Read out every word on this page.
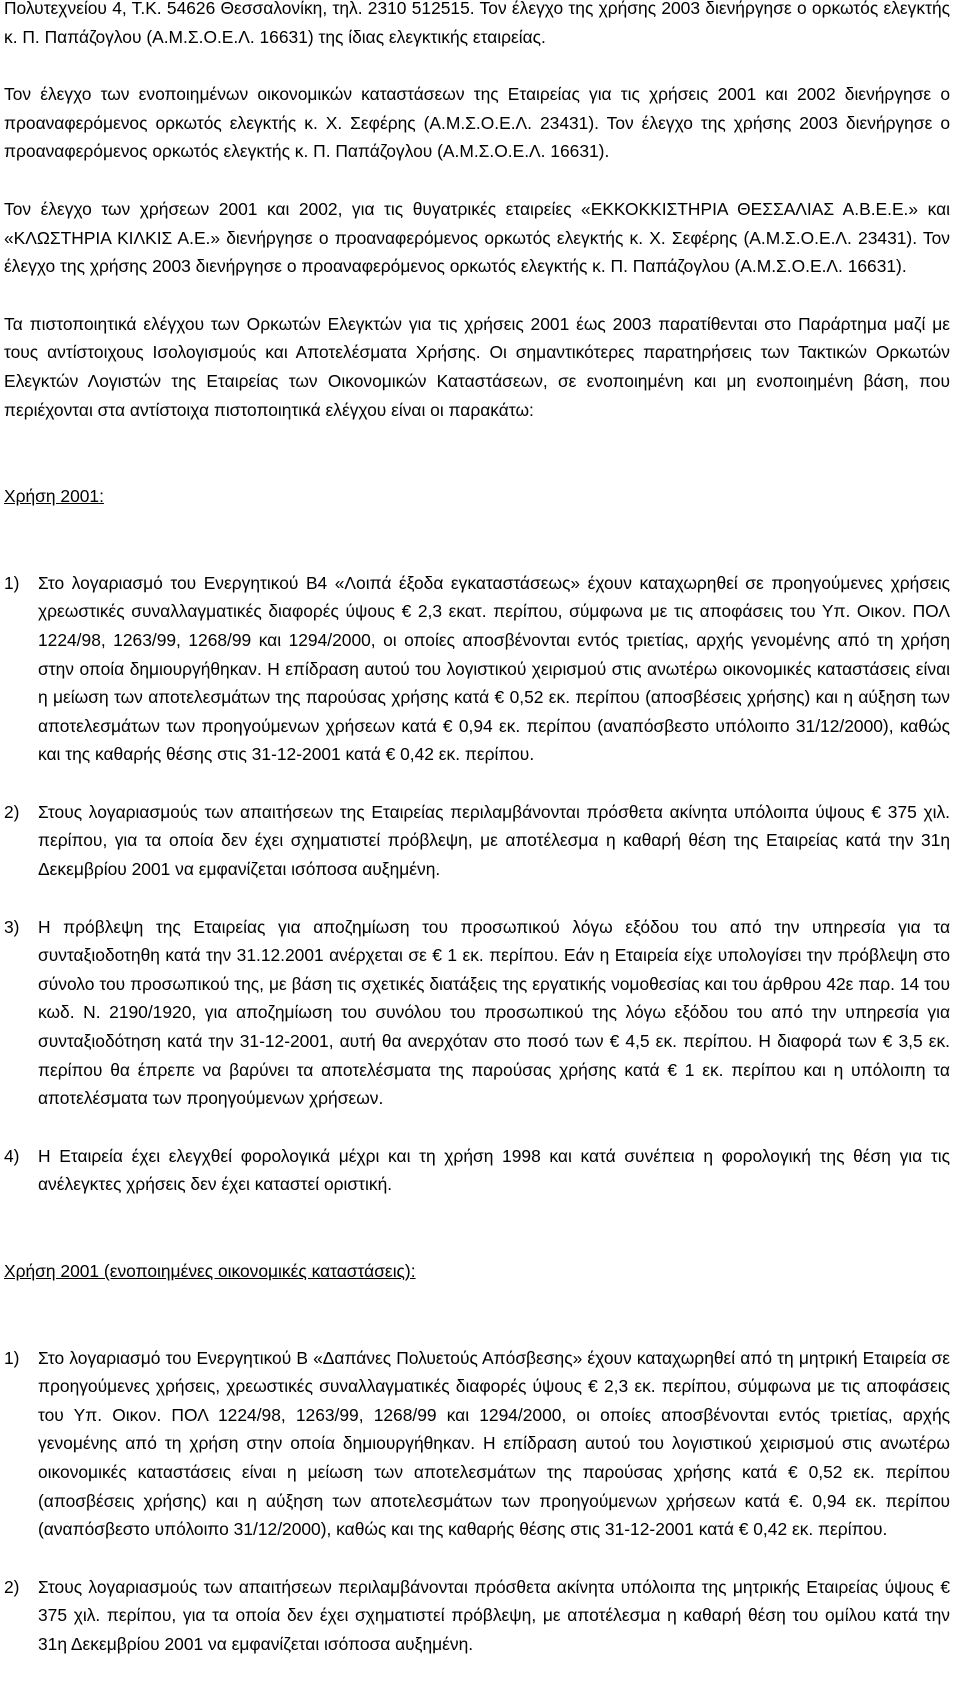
Πολυτεχνείου 4, Τ.Κ. 54626 Θεσσαλονίκη, τηλ. 2310 512515. Τον έλεγχο της χρήσης 2003 διενήργησε ο ορκωτός ελεγκτής κ. Π. Παπάζογλου (Α.Μ.Σ.Ο.Ε.Λ. 16631) της ίδιας ελεγκτικής εταιρείας.

Τον έλεγχο των ενοποιημένων οικονομικών καταστάσεων της Εταιρείας για τις χρήσεις 2001 και 2002 διενήργησε ο προαναφερόμενος ορκωτός ελεγκτής κ. Χ. Σεφέρης (Α.Μ.Σ.Ο.Ε.Λ. 23431). Τον έλεγχο της χρήσης 2003 διενήργησε ο προαναφερόμενος ορκωτός ελεγκτής κ. Π. Παπάζογλου (Α.Μ.Σ.Ο.Ε.Λ. 16631).

Τον έλεγχο των χρήσεων 2001 και 2002, για τις θυγατρικές εταιρείες «ΕΚΚΟΚΚΙΣΤΗΡΙΑ ΘΕΣΣΑΛΙΑΣ Α.Β.Ε.Ε.» και «ΚΛΩΣΤΗΡΙΑ ΚΙΛΚΙΣ Α.Ε.» διενήργησε ο προαναφερόμενος ορκωτός ελεγκτής κ. Χ. Σεφέρης (Α.Μ.Σ.Ο.Ε.Λ. 23431). Τον έλεγχο της χρήσης 2003 διενήργησε ο προαναφερόμενος ορκωτός ελεγκτής κ. Π. Παπάζογλου (Α.Μ.Σ.Ο.Ε.Λ. 16631).

Τα πιστοποιητικά ελέγχου των Ορκωτών Ελεγκτών για τις χρήσεις 2001 έως 2003 παρατίθενται στο Παράρτημα μαζί με τους αντίστοιχους Ισολογισμούς και Αποτελέσματα Χρήσης. Οι σημαντικότερες παρατηρήσεις των Τακτικών Ορκωτών Ελεγκτών Λογιστών της Εταιρείας των Οικονομικών Καταστάσεων, σε ενοποιημένη και μη ενοποιημένη βάση, που περιέχονται στα αντίστοιχα πιστοποιητικά ελέγχου είναι οι παρακάτω:

Χρήση 2001:
1) Στο λογαριασμό του Ενεργητικού Β4 «Λοιπά έξοδα εγκαταστάσεως» έχουν καταχωρηθεί σε προηγούμενες χρήσεις χρεωστικές συναλλαγματικές διαφορές ύψους € 2,3 εκατ. περίπου, σύμφωνα με τις αποφάσεις του Υπ. Οικον. ΠΟΛ 1224/98, 1263/99, 1268/99 και 1294/2000, οι οποίες αποσβένονται εντός τριετίας, αρχής γενομένης από τη χρήση στην οποία δημιουργήθηκαν. Η επίδραση αυτού του λογιστικού χειρισμού στις ανωτέρω οικονομικές καταστάσεις είναι η μείωση των αποτελεσμάτων της παρούσας χρήσης κατά € 0,52 εκ. περίπου (αποσβέσεις χρήσης) και η αύξηση των αποτελεσμάτων των προηγούμενων χρήσεων κατά € 0,94 εκ. περίπου (αναπόσβεστο υπόλοιπο 31/12/2000), καθώς και της καθαρής θέσης στις 31-12-2001 κατά € 0,42 εκ. περίπου.
2) Στους λογαριασμούς των απαιτήσεων της Εταιρείας περιλαμβάνονται πρόσθετα ακίνητα υπόλοιπα ύψους € 375 χιλ. περίπου, για τα οποία δεν έχει σχηματιστεί πρόβλεψη, με αποτέλεσμα η καθαρή θέση της Εταιρείας κατά την 31η Δεκεμβρίου 2001 να εμφανίζεται ισόποσα αυξημένη.
3) Η πρόβλεψη της Εταιρείας για αποζημίωση του προσωπικού λόγω εξόδου του από την υπηρεσία για τα συνταξιοδοτηθη κατά την 31.12.2001 ανέρχεται σε € 1 εκ. περίπου. Εάν η Εταιρεία είχε υπολογίσει την πρόβλεψη στο σύνολο του προσωπικού της, με βάση τις σχετικές διατάξεις της εργατικής νομοθεσίας και του άρθρου 42ε παρ. 14 του κωδ. Ν. 2190/1920, για αποζημίωση του συνόλου του προσωπικού της λόγω εξόδου του από την υπηρεσία για συνταξιοδότηση κατά την 31-12-2001, αυτή θα ανερχόταν στο ποσό των € 4,5 εκ. περίπου. Η διαφορά των € 3,5 εκ. περίπου θα έπρεπε να βαρύνει τα αποτελέσματα της παρούσας χρήσης κατά € 1 εκ. περίπου και η υπόλοιπη τα αποτελέσματα των προηγούμενων χρήσεων.
4) Η Εταιρεία έχει ελεγχθεί φορολογικά μέχρι και τη χρήση 1998 και κατά συνέπεια η φορολογική της θέση για τις ανέλεγκτες χρήσεις δεν έχει καταστεί οριστική.
Χρήση 2001 (ενοποιημένες οικονομικές καταστάσεις):
1) Στο λογαριασμό του Ενεργητικού Β «Δαπάνες Πολυετούς Απόσβεσης» έχουν καταχωρηθεί από τη μητρική Εταιρεία σε προηγούμενες χρήσεις, χρεωστικές συναλλαγματικές διαφορές ύψους € 2,3 εκ. περίπου, σύμφωνα με τις αποφάσεις του Υπ. Οικον. ΠΟΛ 1224/98, 1263/99, 1268/99 και 1294/2000, οι οποίες αποσβένονται εντός τριετίας, αρχής γενομένης από τη χρήση στην οποία δημιουργήθηκαν. Η επίδραση αυτού του λογιστικού χειρισμού στις ανωτέρω οικονομικές καταστάσεις είναι η μείωση των αποτελεσμάτων της παρούσας χρήσης κατά € 0,52 εκ. περίπου (αποσβέσεις χρήσης) και η αύξηση των αποτελεσμάτων των προηγούμενων χρήσεων κατά €. 0,94 εκ. περίπου (αναπόσβεστο υπόλοιπο 31/12/2000), καθώς και της καθαρής θέσης στις 31-12-2001 κατά € 0,42 εκ. περίπου.
2) Στους λογαριασμούς των απαιτήσεων περιλαμβάνονται πρόσθετα ακίνητα υπόλοιπα της μητρικής Εταιρείας ύψους € 375 χιλ. περίπου, για τα οποία δεν έχει σχηματιστεί πρόβλεψη, με αποτέλεσμα η καθαρή θέση του ομίλου κατά την 31η Δεκεμβρίου 2001 να εμφανίζεται ισόποσα αυξημένη.
